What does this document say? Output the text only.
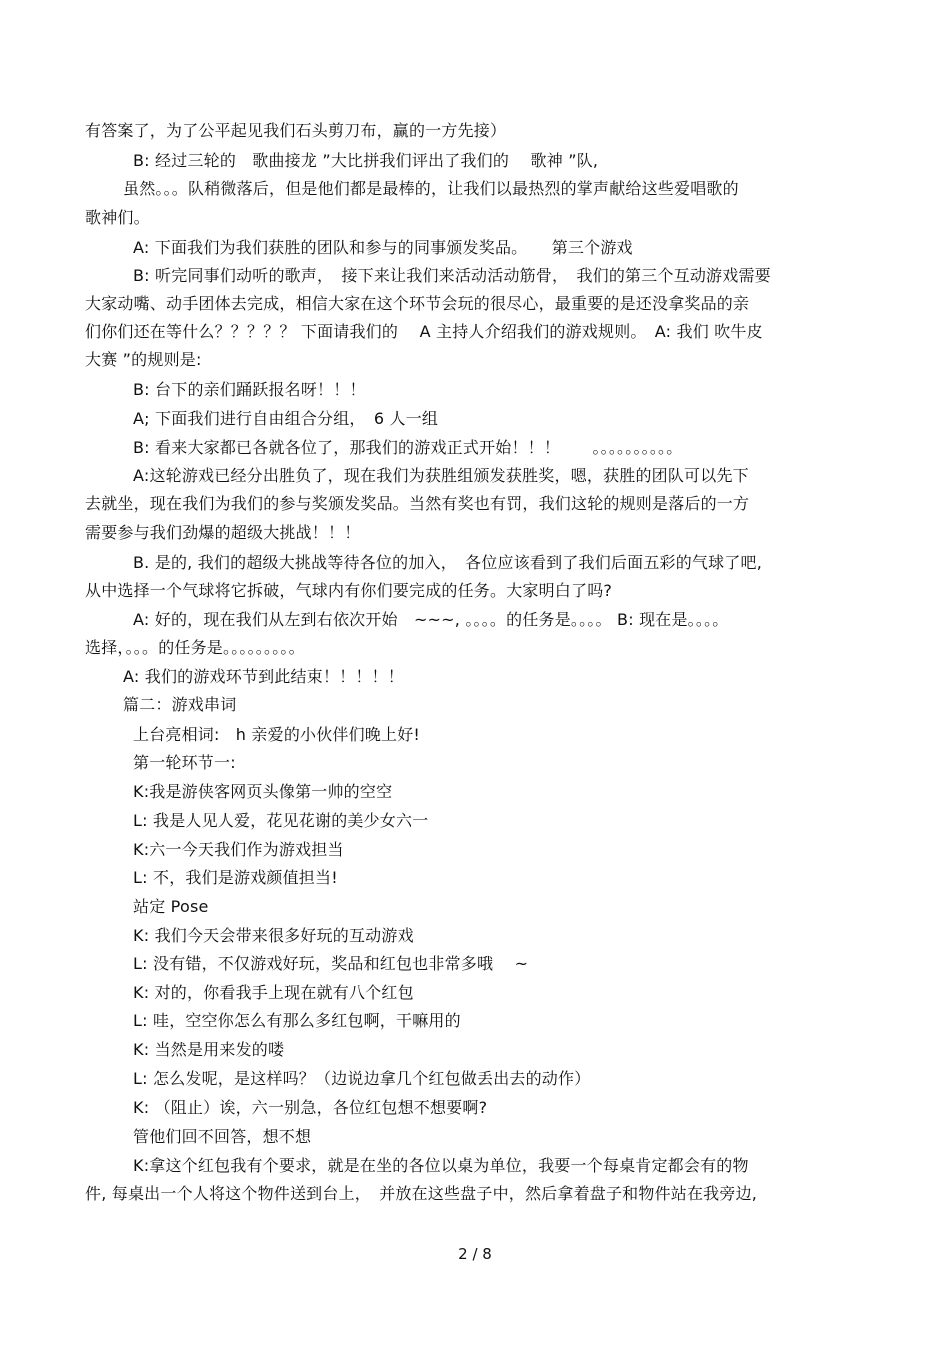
有答案了，为了公平起见我们石头剪刀布，赢的一方先接）
B: 经过三轮的　歌曲接龙 ”大比拼我们评出了我们的　 歌神 ”队,
虽然。。。队稍微落后，但是他们都是最棒的，让我们以最热烈的掌声献给这些爱唱歌的
歌神们。
A: 下面我们为我们获胜的团队和参与的同事颁发奖品。　　第三个游戏
B: 听完同事们动听的歌声，　接下来让我们来活动活动筋骨，　我们的第三个互动游戏需要
大家动嘴、动手团体去完成，相信大家在这个环节会玩的很尽心，最重要的是还没拿奖品的亲
们你们还在等什么？？？？？ 下面请我们的　 A 主持人介绍我们的游戏规则。　A: 我们 吹牛皮
大赛 ”的规则是:
B: 台下的亲们踊跃报名呀！！！
A; 下面我们进行自由组合分组，　6 人一组
B: 看来大家都已各就各位了，那我们的游戏正式开始！！！　　。。。。。。。。。。
A:这轮游戏已经分出胜负了，现在我们为获胜组颁发获胜奖，嗯，获胜的团队可以先下
去就坐，现在我们为我们的参与奖颁发奖品。当然有奖也有罚，我们这轮的规则是落后的一方
需要参与我们劲爆的超级大挑战！！！
B. 是的, 我们的超级大挑战等待各位的加入，　各位应该看到了我们后面五彩的气球了吧,
从中选择一个气球将它拆破，气球内有你们要完成的任务。大家明白了吗?
A: 好的，现在我们从左到右依次开始　~~~, 。。。。的任务是。。。。 B: 现在是。。。。
选择，。。。的任务是。。。。。。。。。
A: 我们的游戏环节到此结束！！！！！
篇二：游戏串词
上台亮相词:　h 亲爱的小伙伴们晚上好!
第一轮环节一:
K:我是游侠客网页头像第一帅的空空
L: 我是人见人爱，花见花谢的美少女六一
K:六一今天我们作为游戏担当
L: 不，我们是游戏颜值担当!
站定 Pose
K: 我们今天会带来很多好玩的互动游戏
L: 没有错，不仅游戏好玩，奖品和红包也非常多哦　 ~
K: 对的，你看我手上现在就有八个红包
L: 哇，空空你怎么有那么多红包啊，干嘛用的
K: 当然是用来发的喽
L: 怎么发呢，是这样吗？（边说边拿几个红包做丢出去的动作）
K: （阻止）诶，六一别急，各位红包想不想要啊?
管他们回不回答，想不想
K:拿这个红包我有个要求，就是在坐的各位以桌为单位，我要一个每桌肯定都会有的物
件, 每桌出一个人将这个物件送到台上，　并放在这些盘子中，然后拿着盘子和物件站在我旁边,
2 / 8
